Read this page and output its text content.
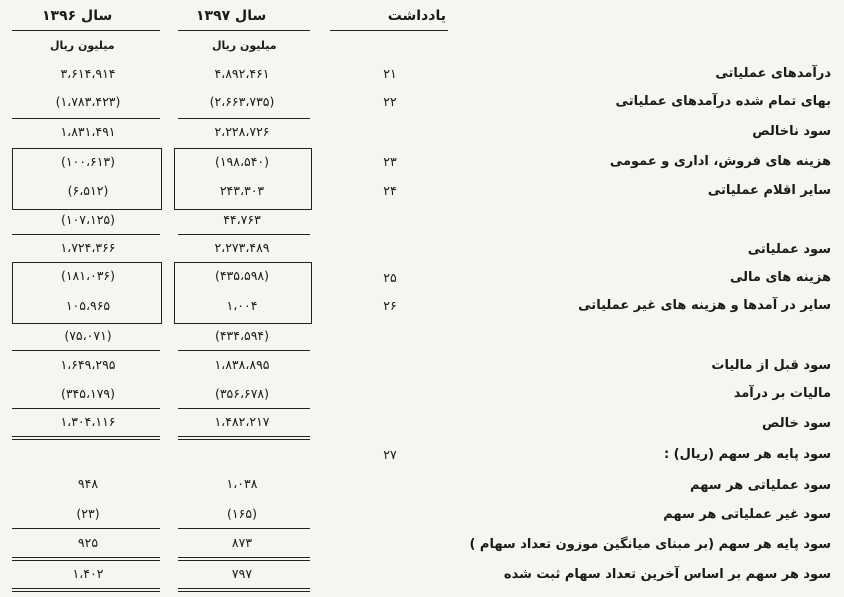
یادداشت
سال ۱۳۹۷
سال ۱۳۹۶
میلیون ریال
میلیون ریال
درآمدهای عملیاتی
۲۱
۴،۸۹۲،۴۶۱
۳،۶۱۴،۹۱۴
بهای تمام شده درآمدهای عملیاتی
۲۲
(۲،۶۶۳،۷۳۵)
(۱،۷۸۳،۴۲۳)
سود ناخالص
۲،۲۲۸،۷۲۶
۱،۸۳۱،۴۹۱
هزینه های فروش، اداری و عمومی
۲۳
(۱۹۸،۵۴۰)
(۱۰۰،۶۱۳)
سایر اقلام عملیاتی
۲۴
۲۴۳،۳۰۳
(۶،۵۱۲)
۴۴،۷۶۳
(۱۰۷،۱۲۵)
سود عملیاتی
۲،۲۷۳،۴۸۹
۱،۷۲۴،۳۶۶
هزینه های مالی
۲۵
(۴۳۵،۵۹۸)
(۱۸۱،۰۳۶)
سایر در آمدها و هزینه های غیر عملیاتی
۲۶
۱،۰۰۴
۱۰۵،۹۶۵
(۴۳۴،۵۹۴)
(۷۵،۰۷۱)
سود قبل از مالیات
۱،۸۳۸،۸۹۵
۱،۶۴۹،۲۹۵
مالیات بر درآمد
(۳۵۶،۶۷۸)
(۳۴۵،۱۷۹)
سود خالص
۱،۴۸۲،۲۱۷
۱،۳۰۴،۱۱۶
سود پایه هر سهم (ریال) :
۲۷
سود عملیاتی هر سهم
۱،۰۳۸
۹۴۸
سود غیر عملیاتی هر سهم
(۱۶۵)
(۲۳)
سود پایه هر سهم (بر مبنای میانگین موزون تعداد سهام )
۸۷۳
۹۲۵
سود هر سهم بر اساس آخرین تعداد سهام ثبت شده
۷۹۷
۱،۴۰۲
